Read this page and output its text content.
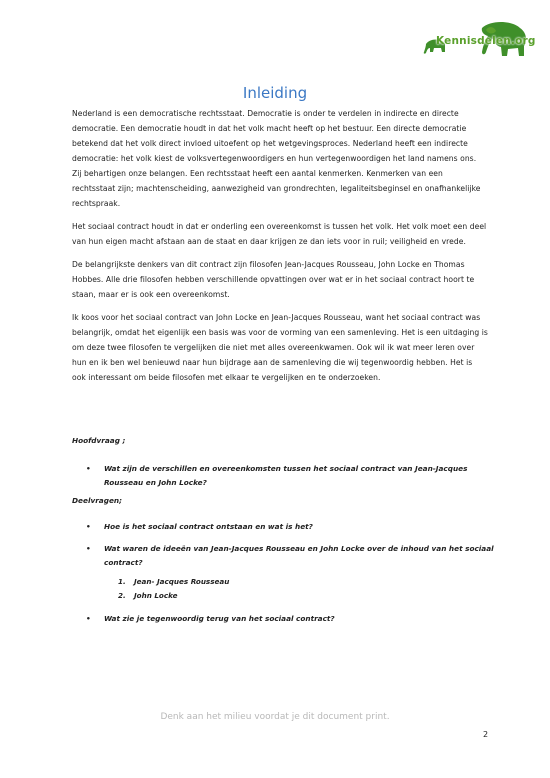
Kennisdelen.org
Inleiding

Nederland is een democratische rechtsstaat. Democratie is onder te verdelen in indirecte en directe democratie. Een democratie houdt in dat het volk macht heeft op het bestuur. Een directe democratie betekend dat het volk direct invloed uitoefent op het wetgevingsproces. Nederland heeft een indirecte democratie: het volk kiest de volksvertegenwoordigers en hun vertegenwoordigen het land namens ons. Zij behartigen onze belangen. Een rechtsstaat heeft een aantal kenmerken. Kenmerken van een rechtsstaat zijn; machtenscheiding, aanwezigheid van grondrechten, legaliteitsbeginsel en onafhankelijke rechtspraak.

Het sociaal contract houdt in dat er onderling een overeenkomst is tussen het volk. Het volk moet een deel van hun eigen macht afstaan aan de staat en daar krijgen ze dan iets voor in ruil; veiligheid en vrede.

De belangrijkste denkers van dit contract zijn filosofen Jean-Jacques Rousseau, John Locke en Thomas Hobbes. Alle drie filosofen hebben verschillende opvattingen over wat er in het sociaal contract hoort te staan, maar er is ook een overeenkomst.

Ik koos voor het sociaal contract van John Locke en Jean-Jacques Rousseau, want het sociaal contract was belangrijk, omdat het eigenlijk een basis was voor de vorming van een samenleving. Het is een uitdaging is om deze twee filosofen te vergelijken die niet met alles overeenkwamen. Ook wil ik wat meer leren over hun en ik ben wel benieuwd naar hun bijdrage aan de samenleving die wij tegenwoordig hebben. Het is ook interessant om beide filosofen met elkaar te vergelijken en te onderzoeken.

Hoofdvraag ;
• Wat zijn de verschillen en overeenkomsten tussen het sociaal contract van Jean-Jacques Rousseau en John Locke?
Deelvragen;
• Hoe is het sociaal contract ontstaan en wat is het?
• Wat waren de ideeën van Jean-Jacques Rousseau en John Locke over de inhoud van het sociaal contract?
1. Jean- Jacques Rousseau
2. John Locke
• Wat zie je tegenwoordig terug van het sociaal contract?
Denk aan het milieu voordat je dit document print.
2
